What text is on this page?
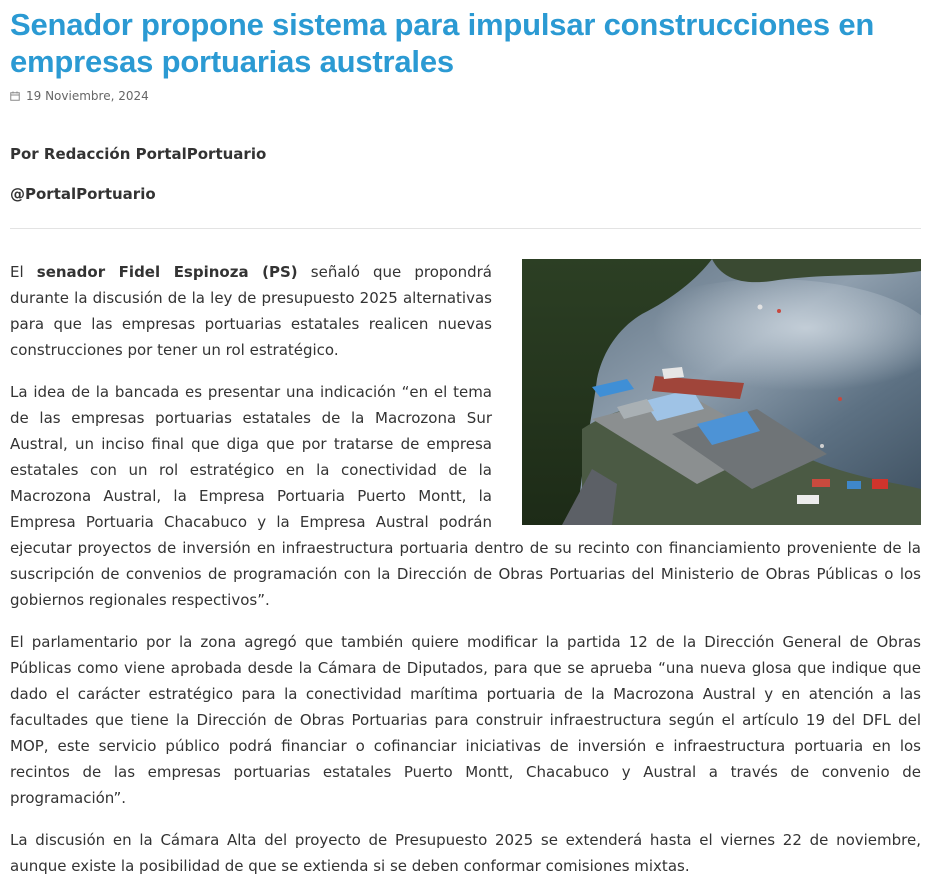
Senador propone sistema para impulsar construcciones en empresas portuarias australes
19 Noviembre, 2024
Por Redacción PortalPortuario
@PortalPortuario

El senador Fidel Espinoza (PS) señaló que propondrá durante la discusión de la ley de presupuesto 2025 alternativas para que las empresas portuarias estatales realicen nuevas construcciones por tener un rol estratégico.

La idea de la bancada es presentar una indicación “en el tema de las empresas portuarias estatales de la Macrozona Sur Austral, un inciso final que diga que por tratarse de empresa estatales con un rol estratégico en la conectividad de la Macrozona Austral, la Empresa Portuaria Puerto Montt, la Empresa Portuaria Chacabuco y la Empresa Austral podrán ejecutar proyectos de inversión en infraestructura portuaria dentro de su recinto con financiamiento proveniente de la suscripción de convenios de programación con la Dirección de Obras Portuarias del Ministerio de Obras Públicas o los gobiernos regionales respectivos”.

El parlamentario por la zona agregó que también quiere modificar la partida 12 de la Dirección General de Obras Públicas como viene aprobada desde la Cámara de Diputados, para que se aprueba “una nueva glosa que indique que dado el carácter estratégico para la conectividad marítima portuaria de la Macrozona Austral y en atención a las facultades que tiene la Dirección de Obras Portuarias para construir infraestructura según el artículo 19 del DFL del MOP, este servicio público podrá financiar o cofinanciar iniciativas de inversión e infraestructura portuaria en los recintos de las empresas portuarias estatales Puerto Montt, Chacabuco y Austral a través de convenio de programación”.

La discusión en la Cámara Alta del proyecto de Presupuesto 2025 se extenderá hasta el viernes 22 de noviembre, aunque existe la posibilidad de que se extienda si se deben conformar comisiones mixtas.
